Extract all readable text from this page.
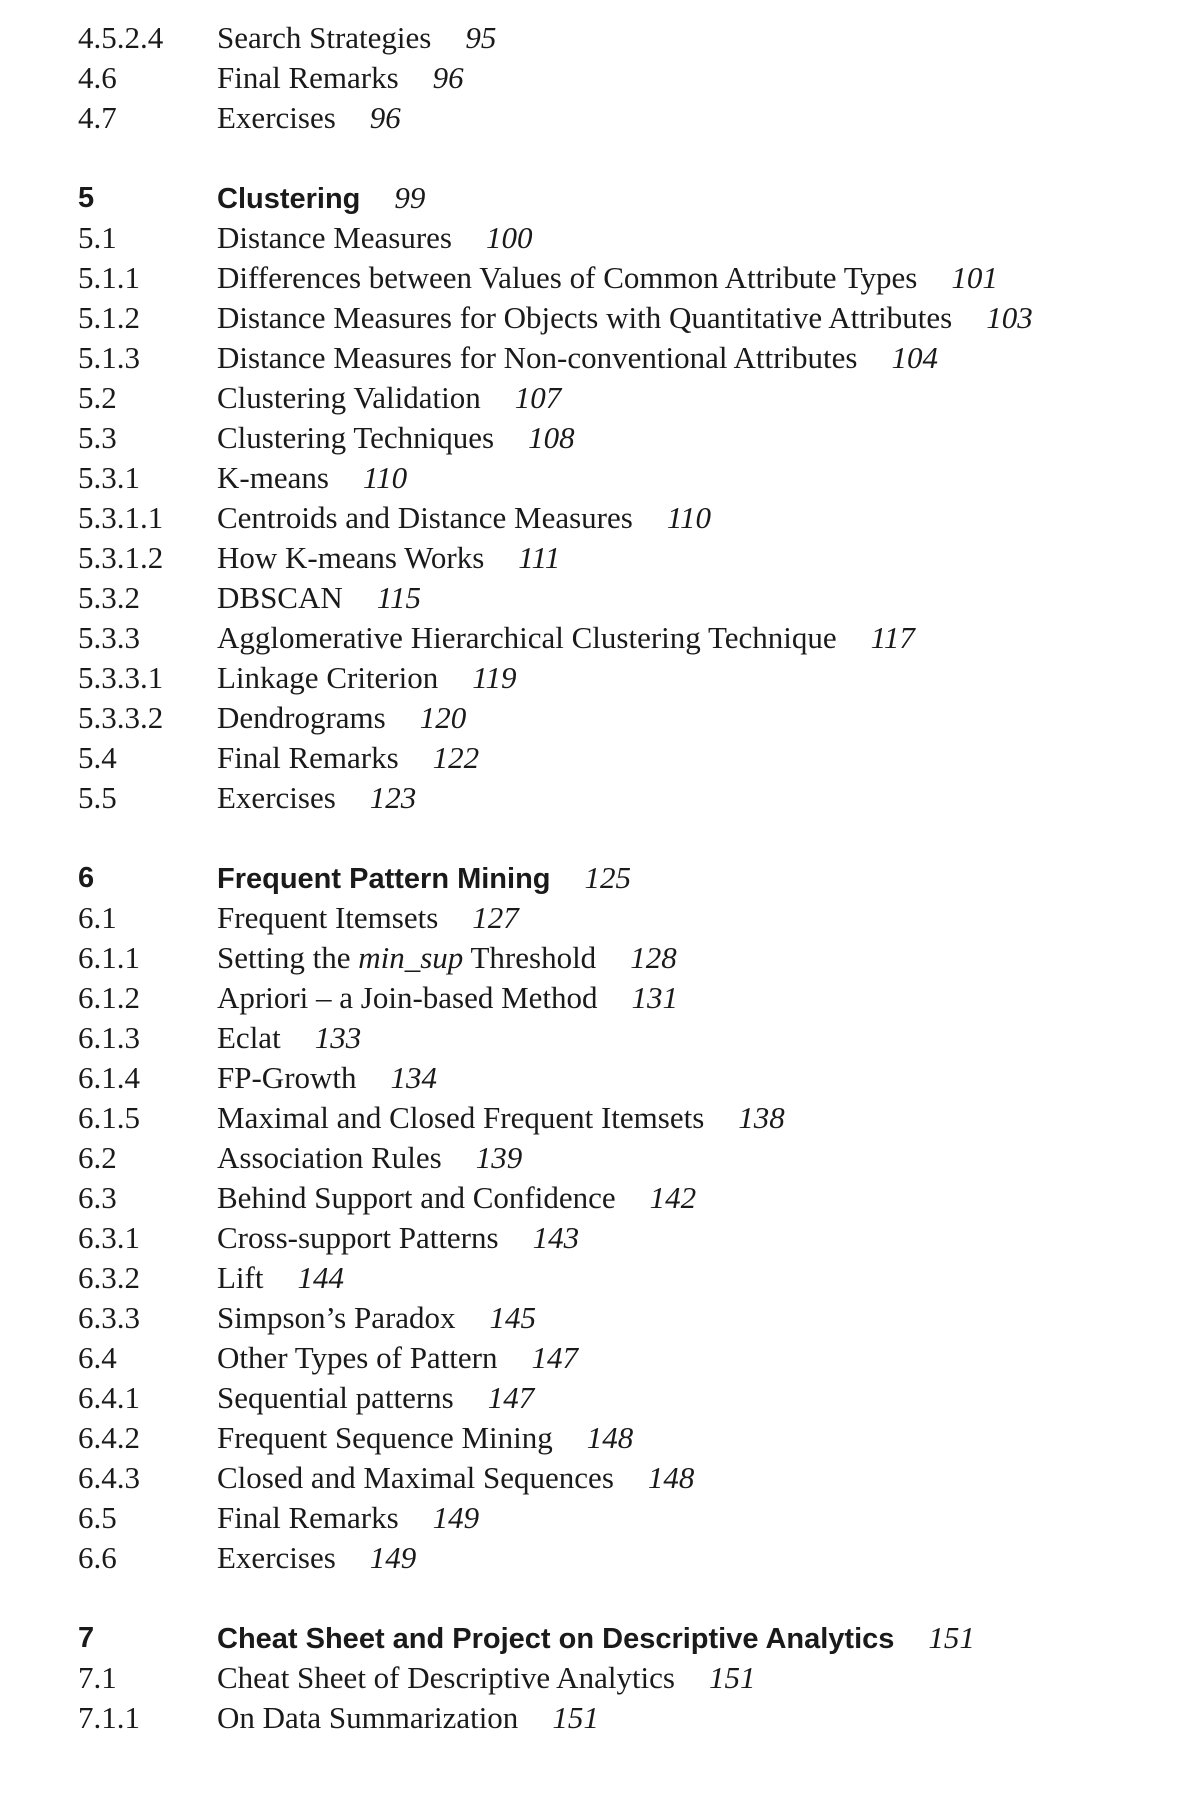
4.5.2.4 Search Strategies 95
4.6	Final Remarks 96
4.7	Exercises 96
5	Clustering 99
5.1	Distance Measures 100
5.1.1 Differences between Values of Common Attribute Types 101
5.1.2 Distance Measures for Objects with Quantitative Attributes 103
5.1.3 Distance Measures for Non-conventional Attributes 104
5.2	Clustering Validation 107
5.3	Clustering Techniques 108
5.3.1 K-means 110
5.3.1.1 Centroids and Distance Measures 110
5.3.1.2 How K-means Works 111
5.3.2 DBSCAN 115
5.3.3 Agglomerative Hierarchical Clustering Technique 117
5.3.3.1 Linkage Criterion 119
5.3.3.2 Dendrograms 120
5.4	Final Remarks 122
5.5	Exercises 123
6	Frequent Pattern Mining 125
6.1	Frequent Itemsets 127
6.1.1 Setting the min_sup Threshold 128
6.1.2 Apriori – a Join-based Method 131
6.1.3 Eclat 133
6.1.4 FP-Growth 134
6.1.5 Maximal and Closed Frequent Itemsets 138
6.2	Association Rules 139
6.3	Behind Support and Confidence 142
6.3.1 Cross-support Patterns 143
6.3.2 Lift 144
6.3.3 Simpson’s Paradox 145
6.4	Other Types of Pattern 147
6.4.1 Sequential patterns 147
6.4.2 Frequent Sequence Mining 148
6.4.3 Closed and Maximal Sequences 148
6.5	Final Remarks 149
6.6	Exercises 149
7	Cheat Sheet and Project on Descriptive Analytics 151
7.1	Cheat Sheet of Descriptive Analytics 151
7.1.1 On Data Summarization 151
